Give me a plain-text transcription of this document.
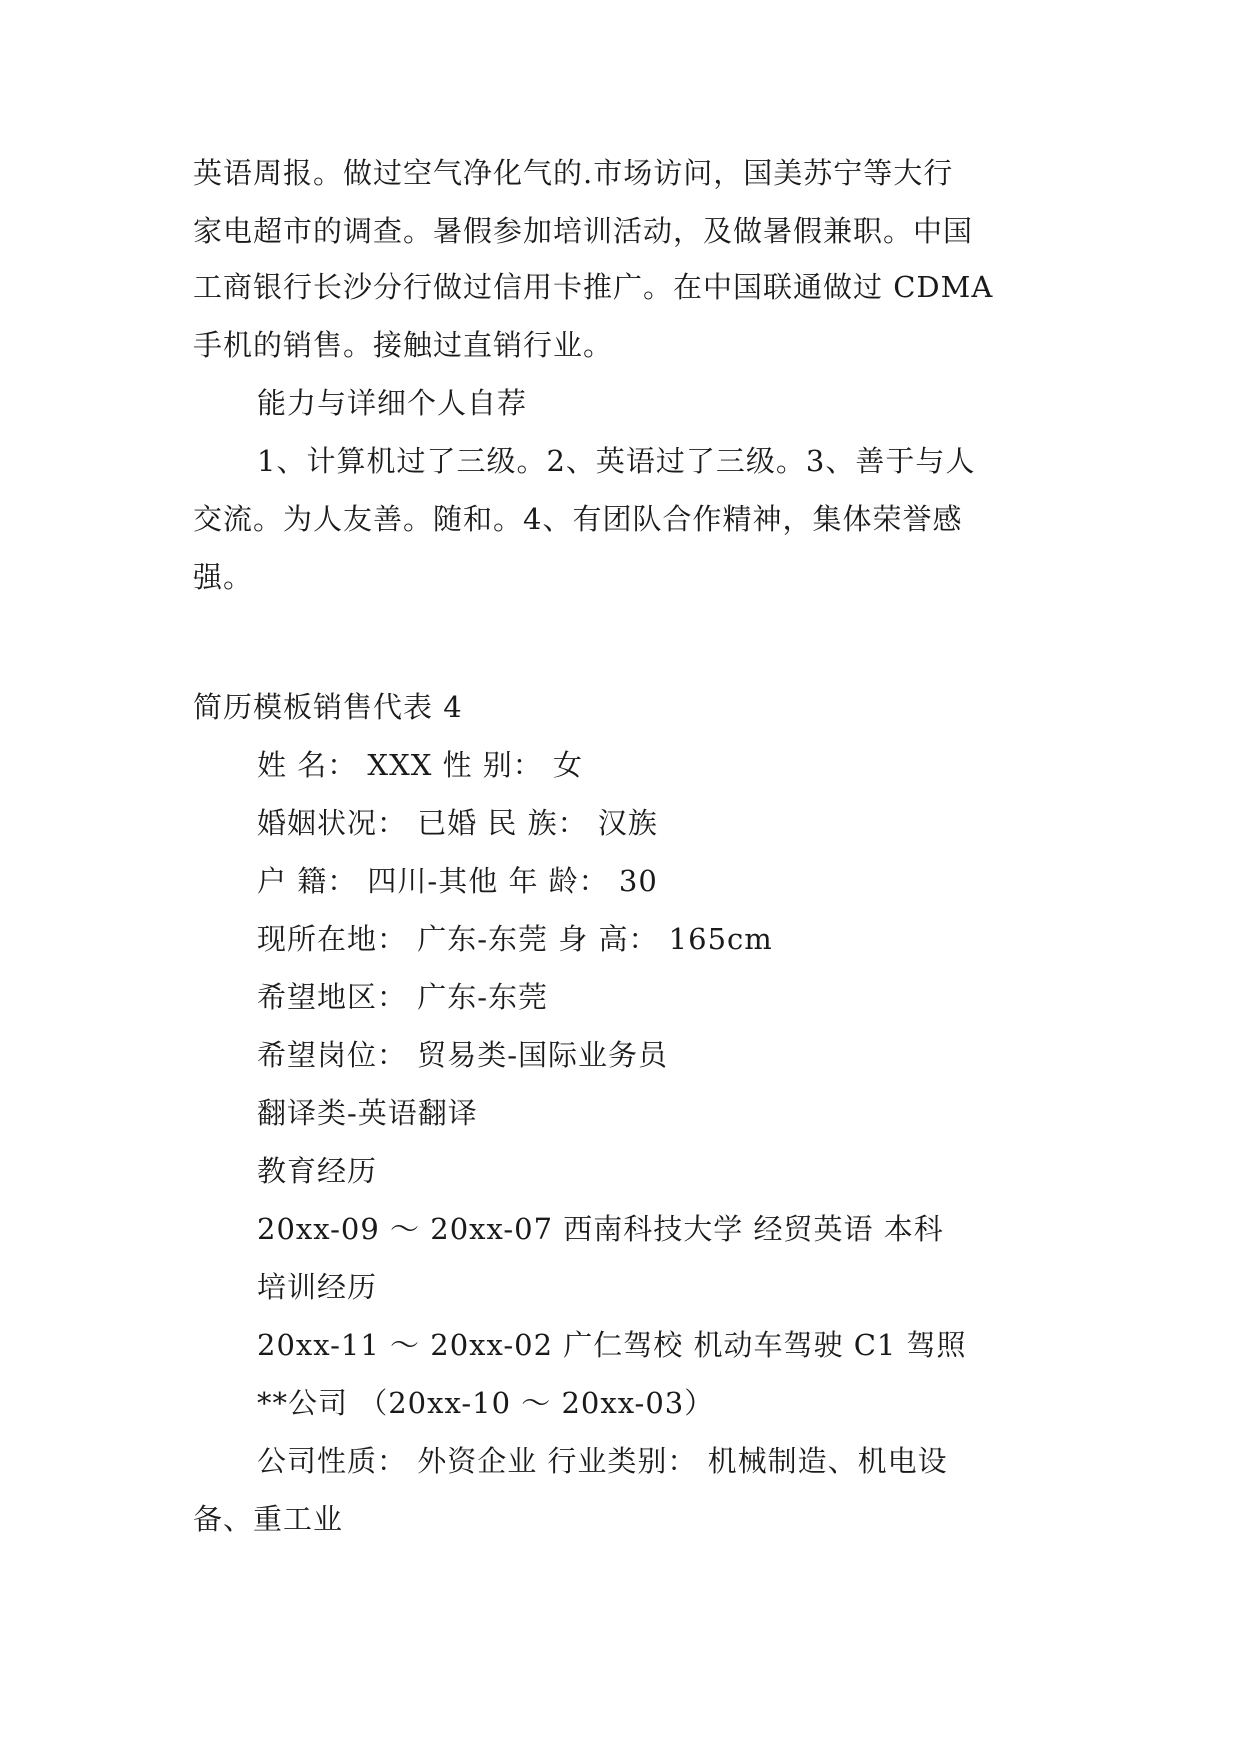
英语周报。做过空气净化气的.市场访问，国美苏宁等大行
家电超市的调查。暑假参加培训活动，及做暑假兼职。中国
工商银行长沙分行做过信用卡推广。在中国联通做过 CDMA
手机的销售。接触过直销行业。
能力与详细个人自荐
1、计算机过了三级。2、英语过了三级。3、善于与人
交流。为人友善。随和。4、有团队合作精神，集体荣誉感
强。
简历模板销售代表 4
姓 名： XXX 性 别： 女
婚姻状况： 已婚 民 族： 汉族
户 籍： 四川-其他 年 龄： 30
现所在地： 广东-东莞 身 高： 165cm
希望地区： 广东-东莞
希望岗位： 贸易类-国际业务员
翻译类-英语翻译
教育经历
20xx-09 ～ 20xx-07 西南科技大学 经贸英语 本科
培训经历
20xx-11 ～ 20xx-02 广仁驾校 机动车驾驶 C1 驾照
**公司 （20xx-10 ～ 20xx-03）
公司性质： 外资企业 行业类别： 机械制造、机电设
备、重工业
